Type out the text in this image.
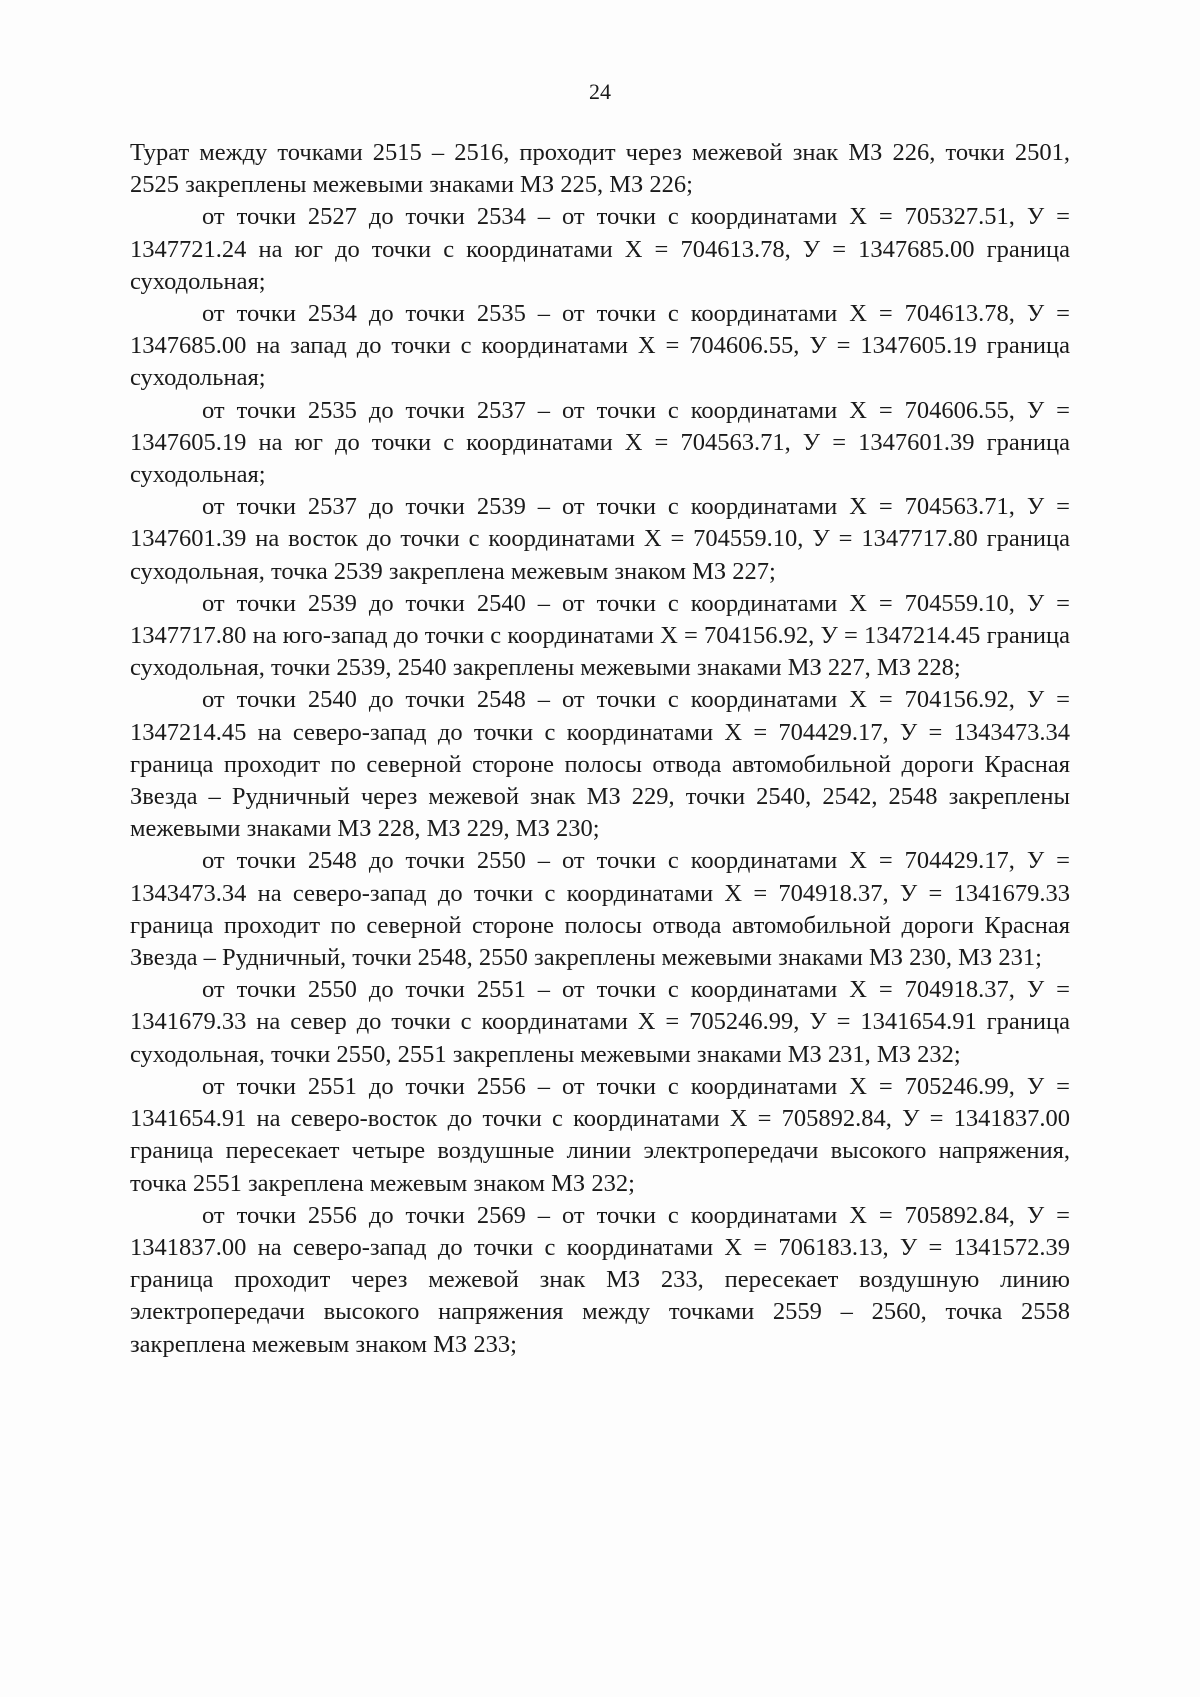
24

Турат между точками 2515 – 2516, проходит через межевой знак МЗ 226, точки 2501, 2525 закреплены межевыми знаками МЗ 225, МЗ 226;

от точки 2527 до точки 2534 – от точки с координатами X = 705327.51, У = 1347721.24 на юг до точки с координатами X = 704613.78, У = 1347685.00 граница суходольная;

от точки 2534 до точки 2535 – от точки с координатами X = 704613.78, У = 1347685.00 на запад до точки с координатами X = 704606.55, У = 1347605.19 граница суходольная;

от точки 2535 до точки 2537 – от точки с координатами X = 704606.55, У = 1347605.19 на юг до точки с координатами X = 704563.71, У = 1347601.39 граница суходольная;

от точки 2537 до точки 2539 – от точки с координатами X = 704563.71, У = 1347601.39 на восток до точки с координатами X = 704559.10, У = 1347717.80 граница суходольная, точка 2539 закреплена межевым знаком МЗ 227;

от точки 2539 до точки 2540 – от точки с координатами X = 704559.10, У = 1347717.80 на юго-запад до точки с координатами X = 704156.92, У = 1347214.45 граница суходольная, точки 2539, 2540 закреплены межевыми знаками МЗ 227, МЗ 228;

от точки 2540 до точки 2548 – от точки с координатами X = 704156.92, У = 1347214.45 на северо-запад до точки с координатами X = 704429.17, У = 1343473.34 граница проходит по северной стороне полосы отвода автомобильной дороги Красная Звезда – Рудничный через межевой знак МЗ 229, точки 2540, 2542, 2548 закреплены межевыми знаками МЗ 228, МЗ 229, МЗ 230;

от точки 2548 до точки 2550 – от точки с координатами X = 704429.17, У = 1343473.34 на северо-запад до точки с координатами X = 704918.37, У = 1341679.33 граница проходит по северной стороне полосы отвода автомобильной дороги Красная Звезда – Рудничный, точки 2548, 2550 закреплены межевыми знаками МЗ 230, МЗ 231;

от точки 2550 до точки 2551 – от точки с координатами X = 704918.37, У = 1341679.33 на север до точки с координатами X = 705246.99, У = 1341654.91 граница суходольная, точки 2550, 2551 закреплены межевыми знаками МЗ 231, МЗ 232;

от точки 2551 до точки 2556 – от точки с координатами X = 705246.99, У = 1341654.91 на северо-восток до точки с координатами X = 705892.84, У = 1341837.00 граница пересекает четыре воздушные линии электропередачи высокого напряжения, точка 2551 закреплена межевым знаком МЗ 232;

от точки 2556 до точки 2569 – от точки с координатами X = 705892.84, У = 1341837.00 на северо-запад до точки с координатами X = 706183.13, У = 1341572.39 граница проходит через межевой знак МЗ 233, пересекает воздушную линию электропередачи высокого напряжения между точками 2559 – 2560, точка 2558 закреплена межевым знаком МЗ 233;
